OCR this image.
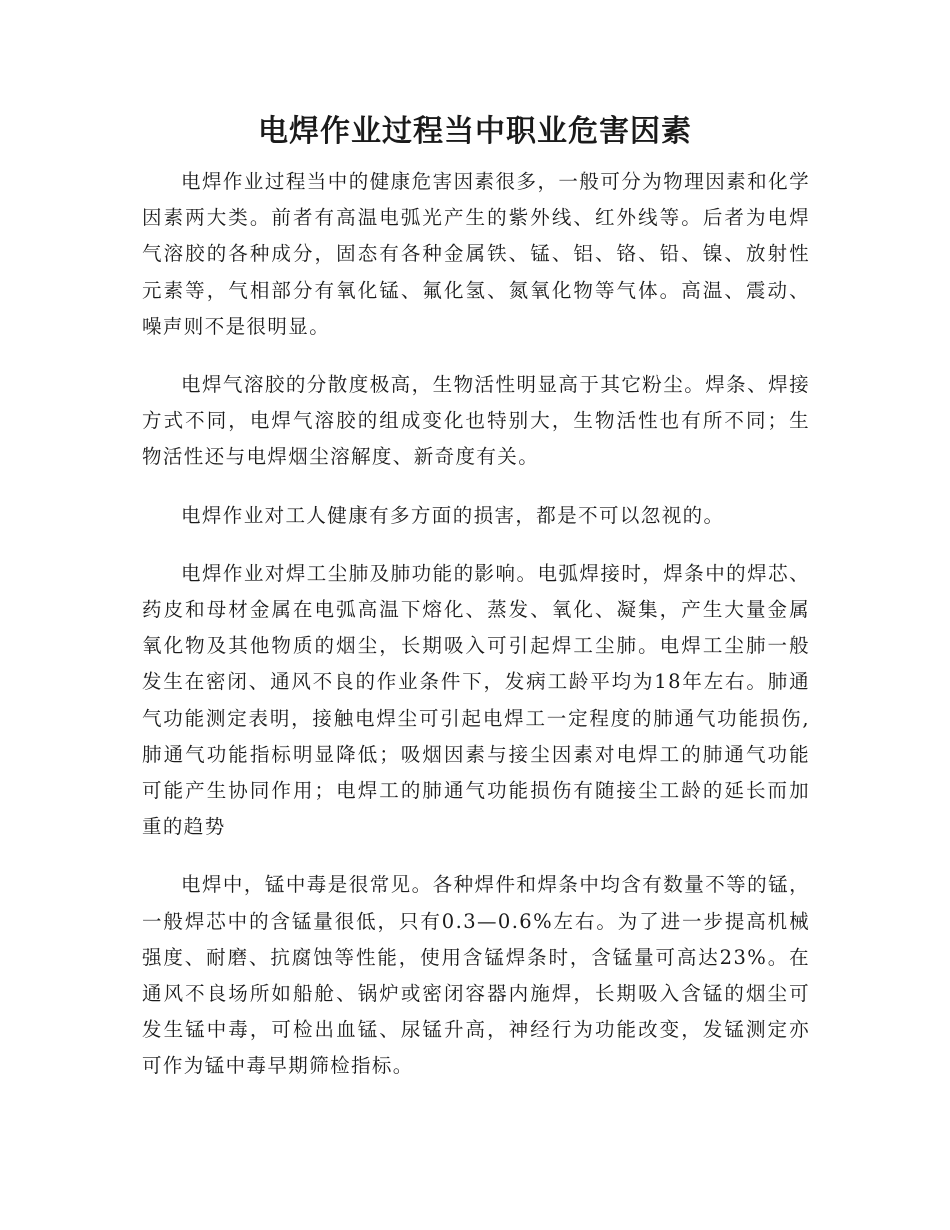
电焊作业过程当中职业危害因素

电焊作业过程当中的健康危害因素很多，一般可分为物理因素和化学因素两大类。前者有高温电弧光产生的紫外线、红外线等。后者为电焊气溶胶的各种成分，固态有各种金属铁、锰、铝、铬、铅、镍、放射性元素等，气相部分有氧化锰、氟化氢、氮氧化物等气体。高温、震动、噪声则不是很明显。

电焊气溶胶的分散度极高，生物活性明显高于其它粉尘。焊条、焊接方式不同，电焊气溶胶的组成变化也特别大，生物活性也有所不同；生物活性还与电焊烟尘溶解度、新奇度有关。

电焊作业对工人健康有多方面的损害，都是不可以忽视的。

电焊作业对焊工尘肺及肺功能的影响。电弧焊接时，焊条中的焊芯、药皮和母材金属在电弧高温下熔化、蒸发、氧化、凝集，产生大量金属氧化物及其他物质的烟尘，长期吸入可引起焊工尘肺。电焊工尘肺一般发生在密闭、通风不良的作业条件下，发病工龄平均为18年左右。肺通气功能测定表明，接触电焊尘可引起电焊工一定程度的肺通气功能损伤,肺通气功能指标明显降低；吸烟因素与接尘因素对电焊工的肺通气功能可能产生协同作用；电焊工的肺通气功能损伤有随接尘工龄的延长而加重的趋势

电焊中，锰中毒是很常见。各种焊件和焊条中均含有数量不等的锰，一般焊芯中的含锰量很低，只有0.3—0.6%左右。为了进一步提高机械强度、耐磨、抗腐蚀等性能，使用含锰焊条时，含锰量可高达23%。在通风不良场所如船舱、锅炉或密闭容器内施焊，长期吸入含锰的烟尘可发生锰中毒，可检出血锰、尿锰升高，神经行为功能改变，发锰测定亦可作为锰中毒早期筛检指标。
